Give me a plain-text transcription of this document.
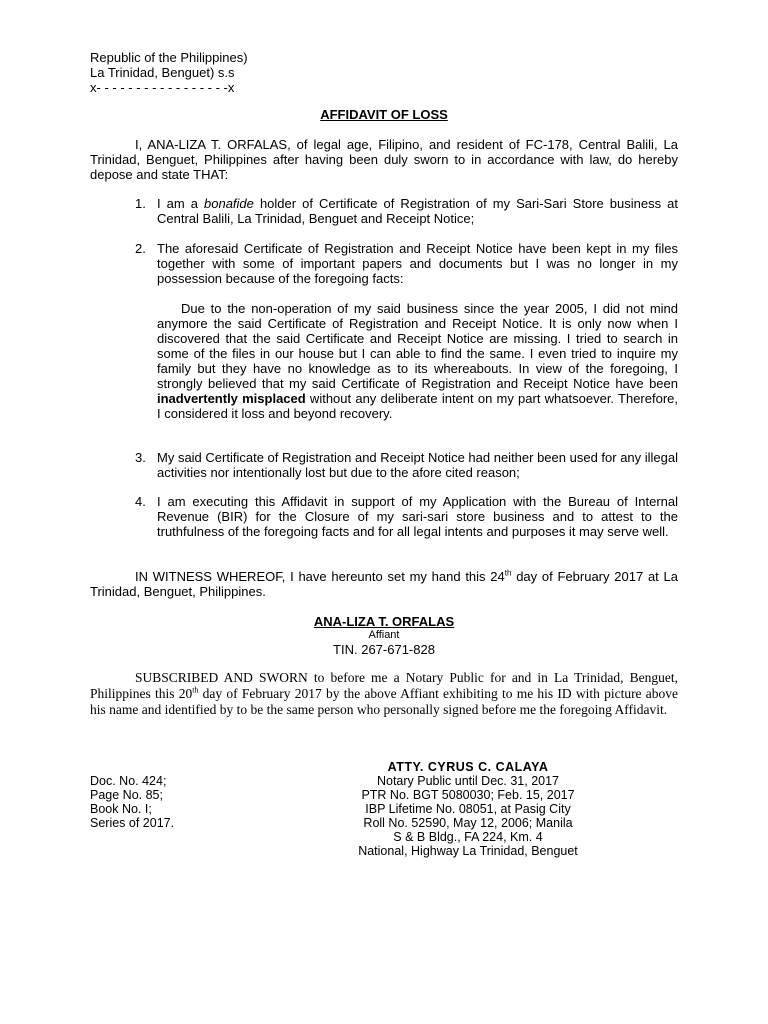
Republic of the Philippines)
La Trinidad, Benguet) s.s
x- - - - - - - - - - - - - - - - -x
AFFIDAVIT OF LOSS
I, ANA-LIZA T. ORFALAS, of legal age, Filipino, and resident of FC-178, Central Balili, La Trinidad, Benguet, Philippines after having been duly sworn to in accordance with law, do hereby depose and state THAT:
1. I am a bonafide holder of Certificate of Registration of my Sari-Sari Store business at Central Balili, La Trinidad, Benguet and Receipt Notice;
2. The aforesaid Certificate of Registration and Receipt Notice have been kept in my files together with some of important papers and documents but I was no longer in my possession because of the foregoing facts:
Due to the non-operation of my said business since the year 2005, I did not mind anymore the said Certificate of Registration and Receipt Notice. It is only now when I discovered that the said Certificate and Receipt Notice are missing. I tried to search in some of the files in our house but I can able to find the same. I even tried to inquire my family but they have no knowledge as to its whereabouts. In view of the foregoing, I strongly believed that my said Certificate of Registration and Receipt Notice have been inadvertently misplaced without any deliberate intent on my part whatsoever. Therefore, I considered it loss and beyond recovery.
3. My said Certificate of Registration and Receipt Notice had neither been used for any illegal activities nor intentionally lost but due to the afore cited reason;
4. I am executing this Affidavit in support of my Application with the Bureau of Internal Revenue (BIR) for the Closure of my sari-sari store business and to attest to the truthfulness of the foregoing facts and for all legal intents and purposes it may serve well.
IN WITNESS WHEREOF, I have hereunto set my hand this 24th day of February 2017 at La Trinidad, Benguet, Philippines.
ANA-LIZA T. ORFALAS
Affiant
TIN. 267-671-828
SUBSCRIBED AND SWORN to before me a Notary Public for and in La Trinidad, Benguet, Philippines this 20th day of February 2017 by the above Affiant exhibiting to me his ID with picture above his name and identified by to be the same person who personally signed before me the foregoing Affidavit.
ATTY. CYRUS C. CALAYA
Notary Public until Dec. 31, 2017
PTR No. BGT 5080030; Feb. 15, 2017
IBP Lifetime No. 08051, at Pasig City
Roll No. 52590, May 12, 2006; Manila
S & B Bldg., FA 224, Km. 4
National, Highway La Trinidad, Benguet
Doc. No. 424;
Page No. 85;
Book No. I;
Series of 2017.
